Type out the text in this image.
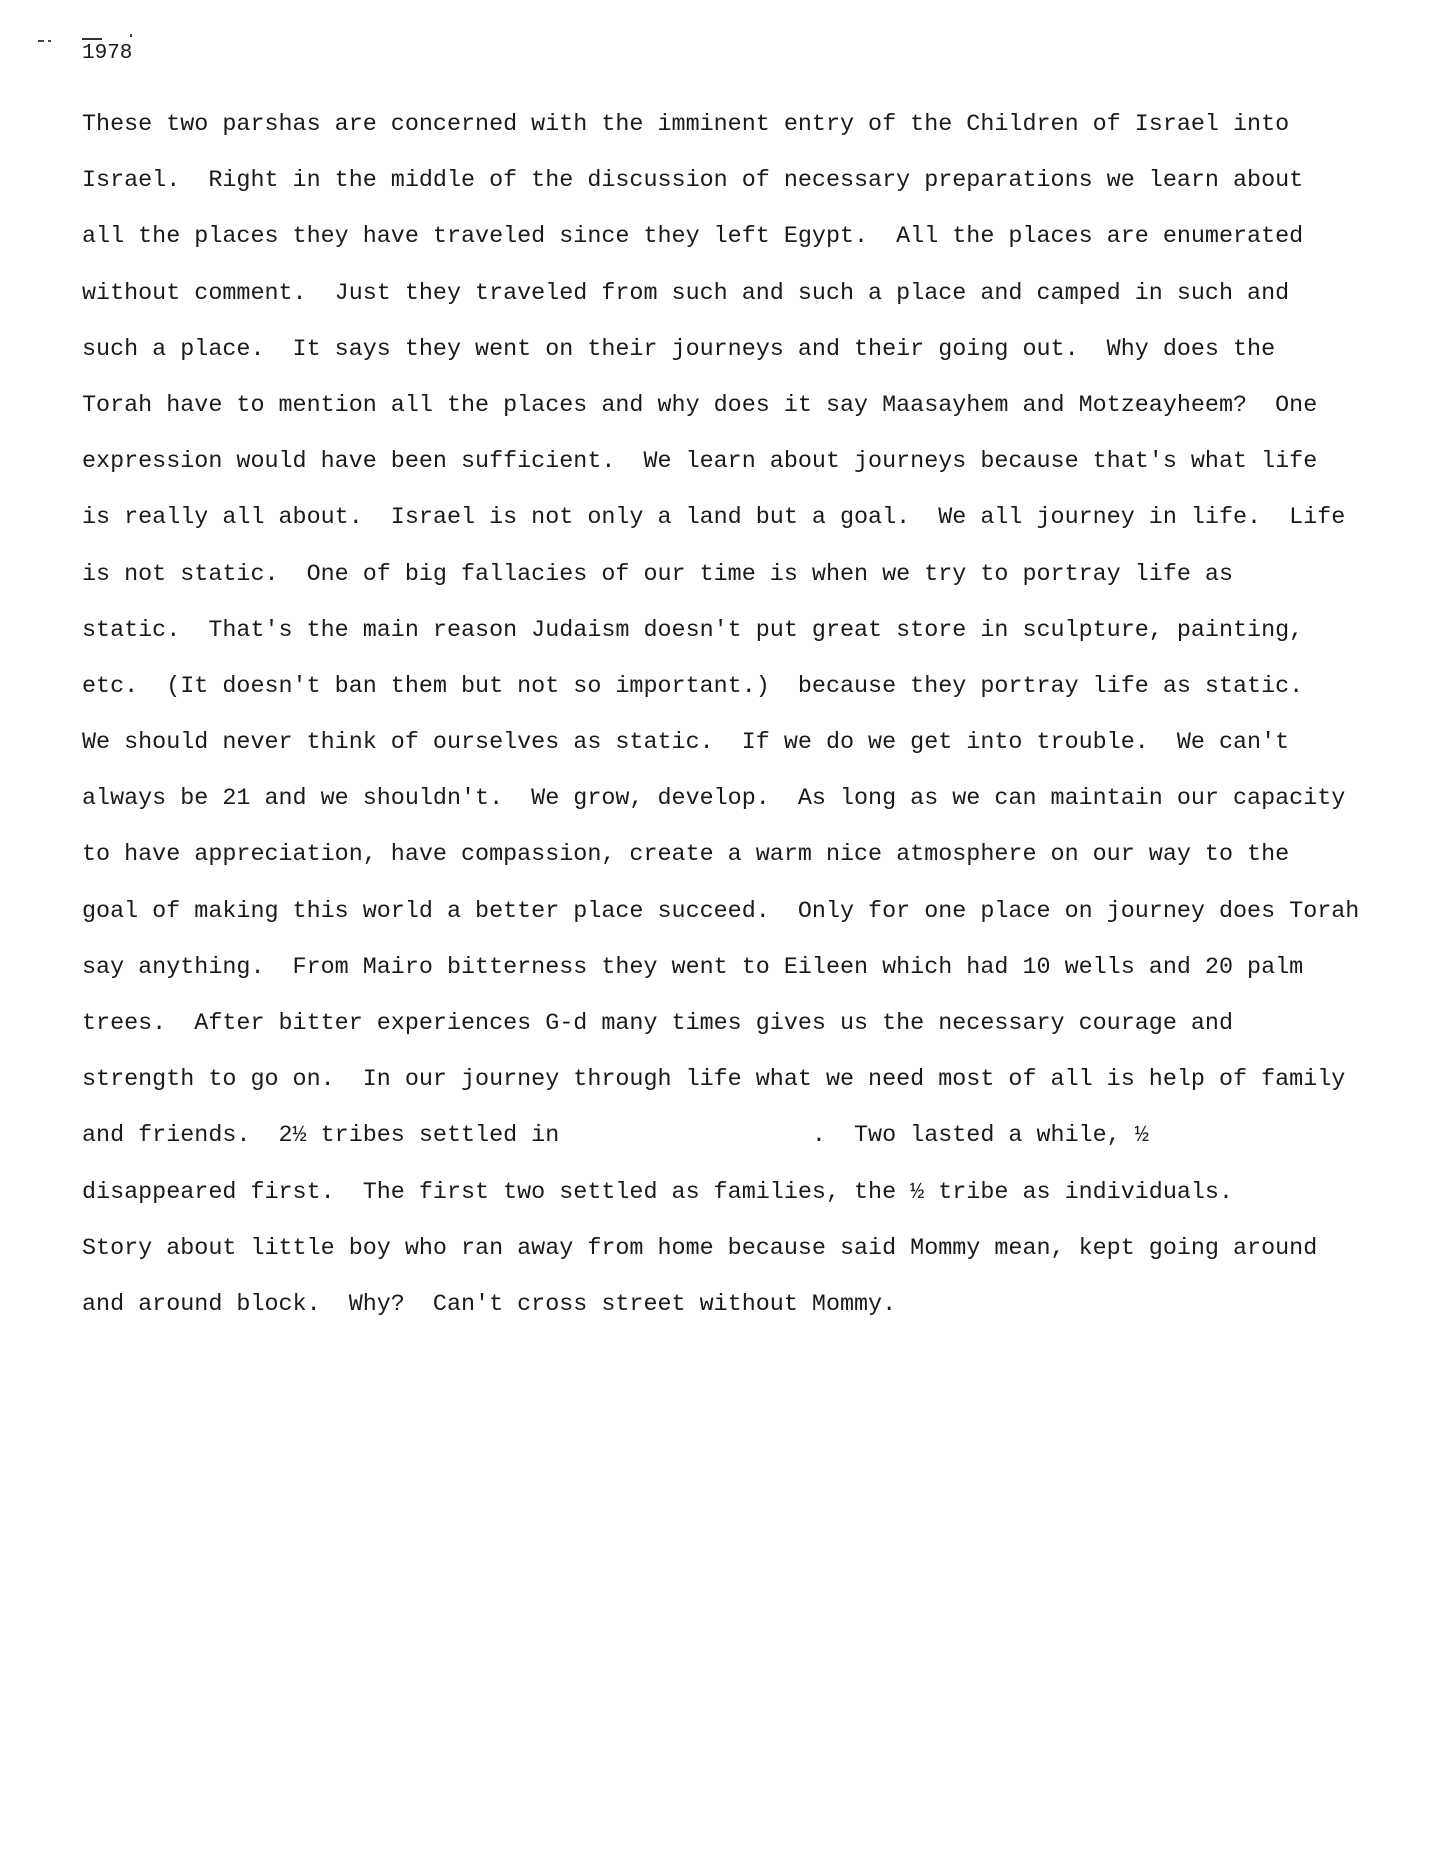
1978
These two parshas are concerned with the imminent entry of the Children of Israel into
Israel.  Right in the middle of the discussion of necessary preparations we learn about
all the places they have traveled since they left Egypt.  All the places are enumerated
without comment.  Just they traveled from such and such a place and camped in such and
such a place.  It says they went on their journeys and their going out.  Why does the
Torah have to mention all the places and why does it say Maasayhem and Motzeayheem?  One
expression would have been sufficient.  We learn about journeys because that's what life
is really all about.  Israel is not only a land but a goal.  We all journey in life.  Life
is not static.  One of big fallacies of our time is when we try to portray life as
static.  That's the main reason Judaism doesn't put great store in sculpture, painting,
etc.  (It doesn't ban them but not so important.)  because they portray life as static.
We should never think of ourselves as static.  If we do we get into trouble.  We can't
always be 21 and we shouldn't.  We grow, develop.  As long as we can maintain our capacity
to have appreciation, have compassion, create a warm nice atmosphere on our way to the
goal of making this world a better place succeed.  Only for one place on journey does Torah
say anything.  From Mairo bitterness they went to Eileen which had 10 wells and 20 palm
trees.  After bitter experiences G-d many times gives us the necessary courage and
strength to go on.  In our journey through life what we need most of all is help of family
and friends.  2½ tribes settled in                  .  Two lasted a while, ½
disappeared first.  The first two settled as families, the ½ tribe as individuals.
Story about little boy who ran away from home because said Mommy mean, kept going around
and around block.  Why?  Can't cross street without Mommy.
